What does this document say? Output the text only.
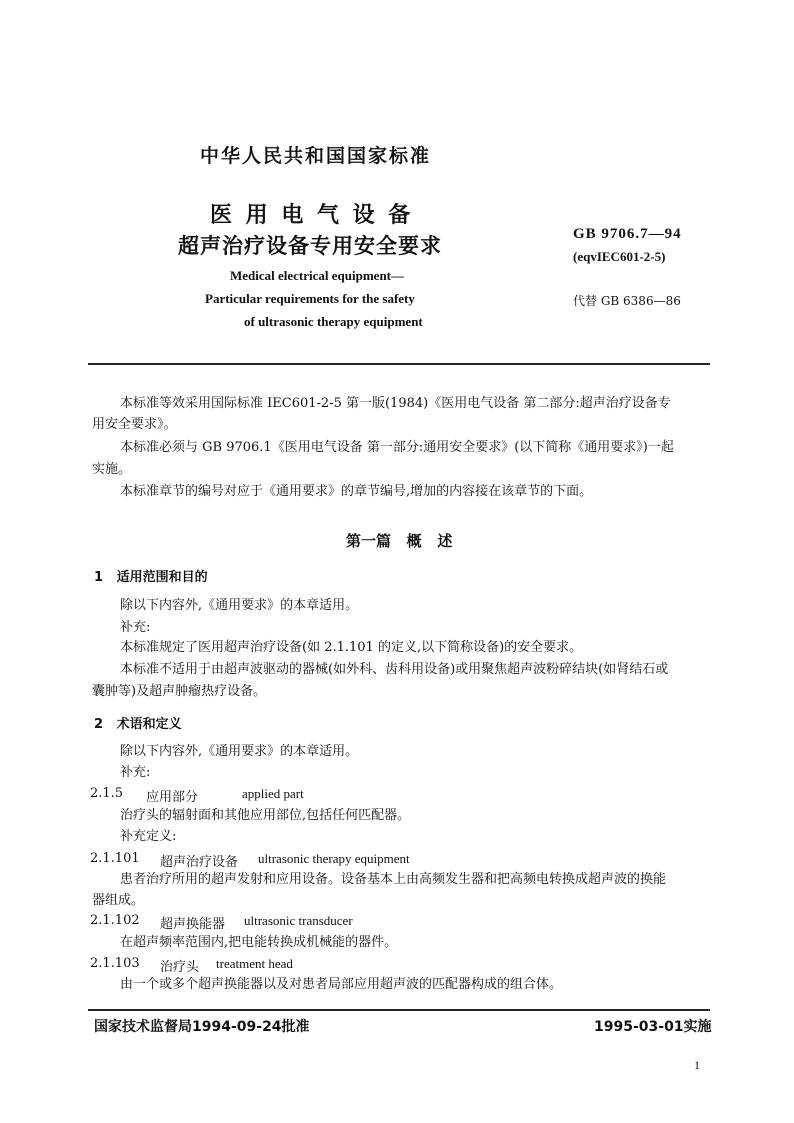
中华人民共和国国家标准
医 用 电 气 设 备
超声治疗设备专用安全要求
Medical electrical equipment—
Particular requirements for the safety
of ultrasonic therapy equipment
GB 9706.7—94
(eqvIEC601-2-5)
代替 GB 6386—86
本标准等效采用国际标准 IEC601-2-5 第一版(1984)《医用电气设备 第二部分:超声治疗设备专
用安全要求》。
本标准必须与 GB 9706.1《医用电气设备 第一部分:通用安全要求》(以下简称《通用要求》)一起
实施。
本标准章节的编号对应于《通用要求》的章节编号,增加的内容接在该章节的下面。
第一篇   概   述
1   适用范围和目的
除以下内容外,《通用要求》的本章适用。
补充:
本标准规定了医用超声治疗设备(如 2.1.101 的定义,以下简称设备)的安全要求。
本标准不适用于由超声波驱动的器械(如外科、齿科用设备)或用聚焦超声波粉碎结块(如肾结石或
囊肿等)及超声肿瘤热疗设备。
2   术语和定义
除以下内容外,《通用要求》的本章适用。
补充:
2.1.5 应用部分	applied part
治疗头的辐射面和其他应用部位,包括任何匹配器。
补充定义:
2.1.101 超声治疗设备 ultrasonic therapy equipment
患者治疗所用的超声发射和应用设备。设备基本上由高频发生器和把高频电转换成超声波的换能
器组成。
2.1.102 超声换能器 ultrasonic transducer
在超声频率范围内,把电能转换成机械能的器件。
2.1.103 治疗头 treatment head
由一个或多个超声换能器以及对患者局部应用超声波的匹配器构成的组合体。
国家技术监督局1994-09-24批准	1995-03-01实施
1
